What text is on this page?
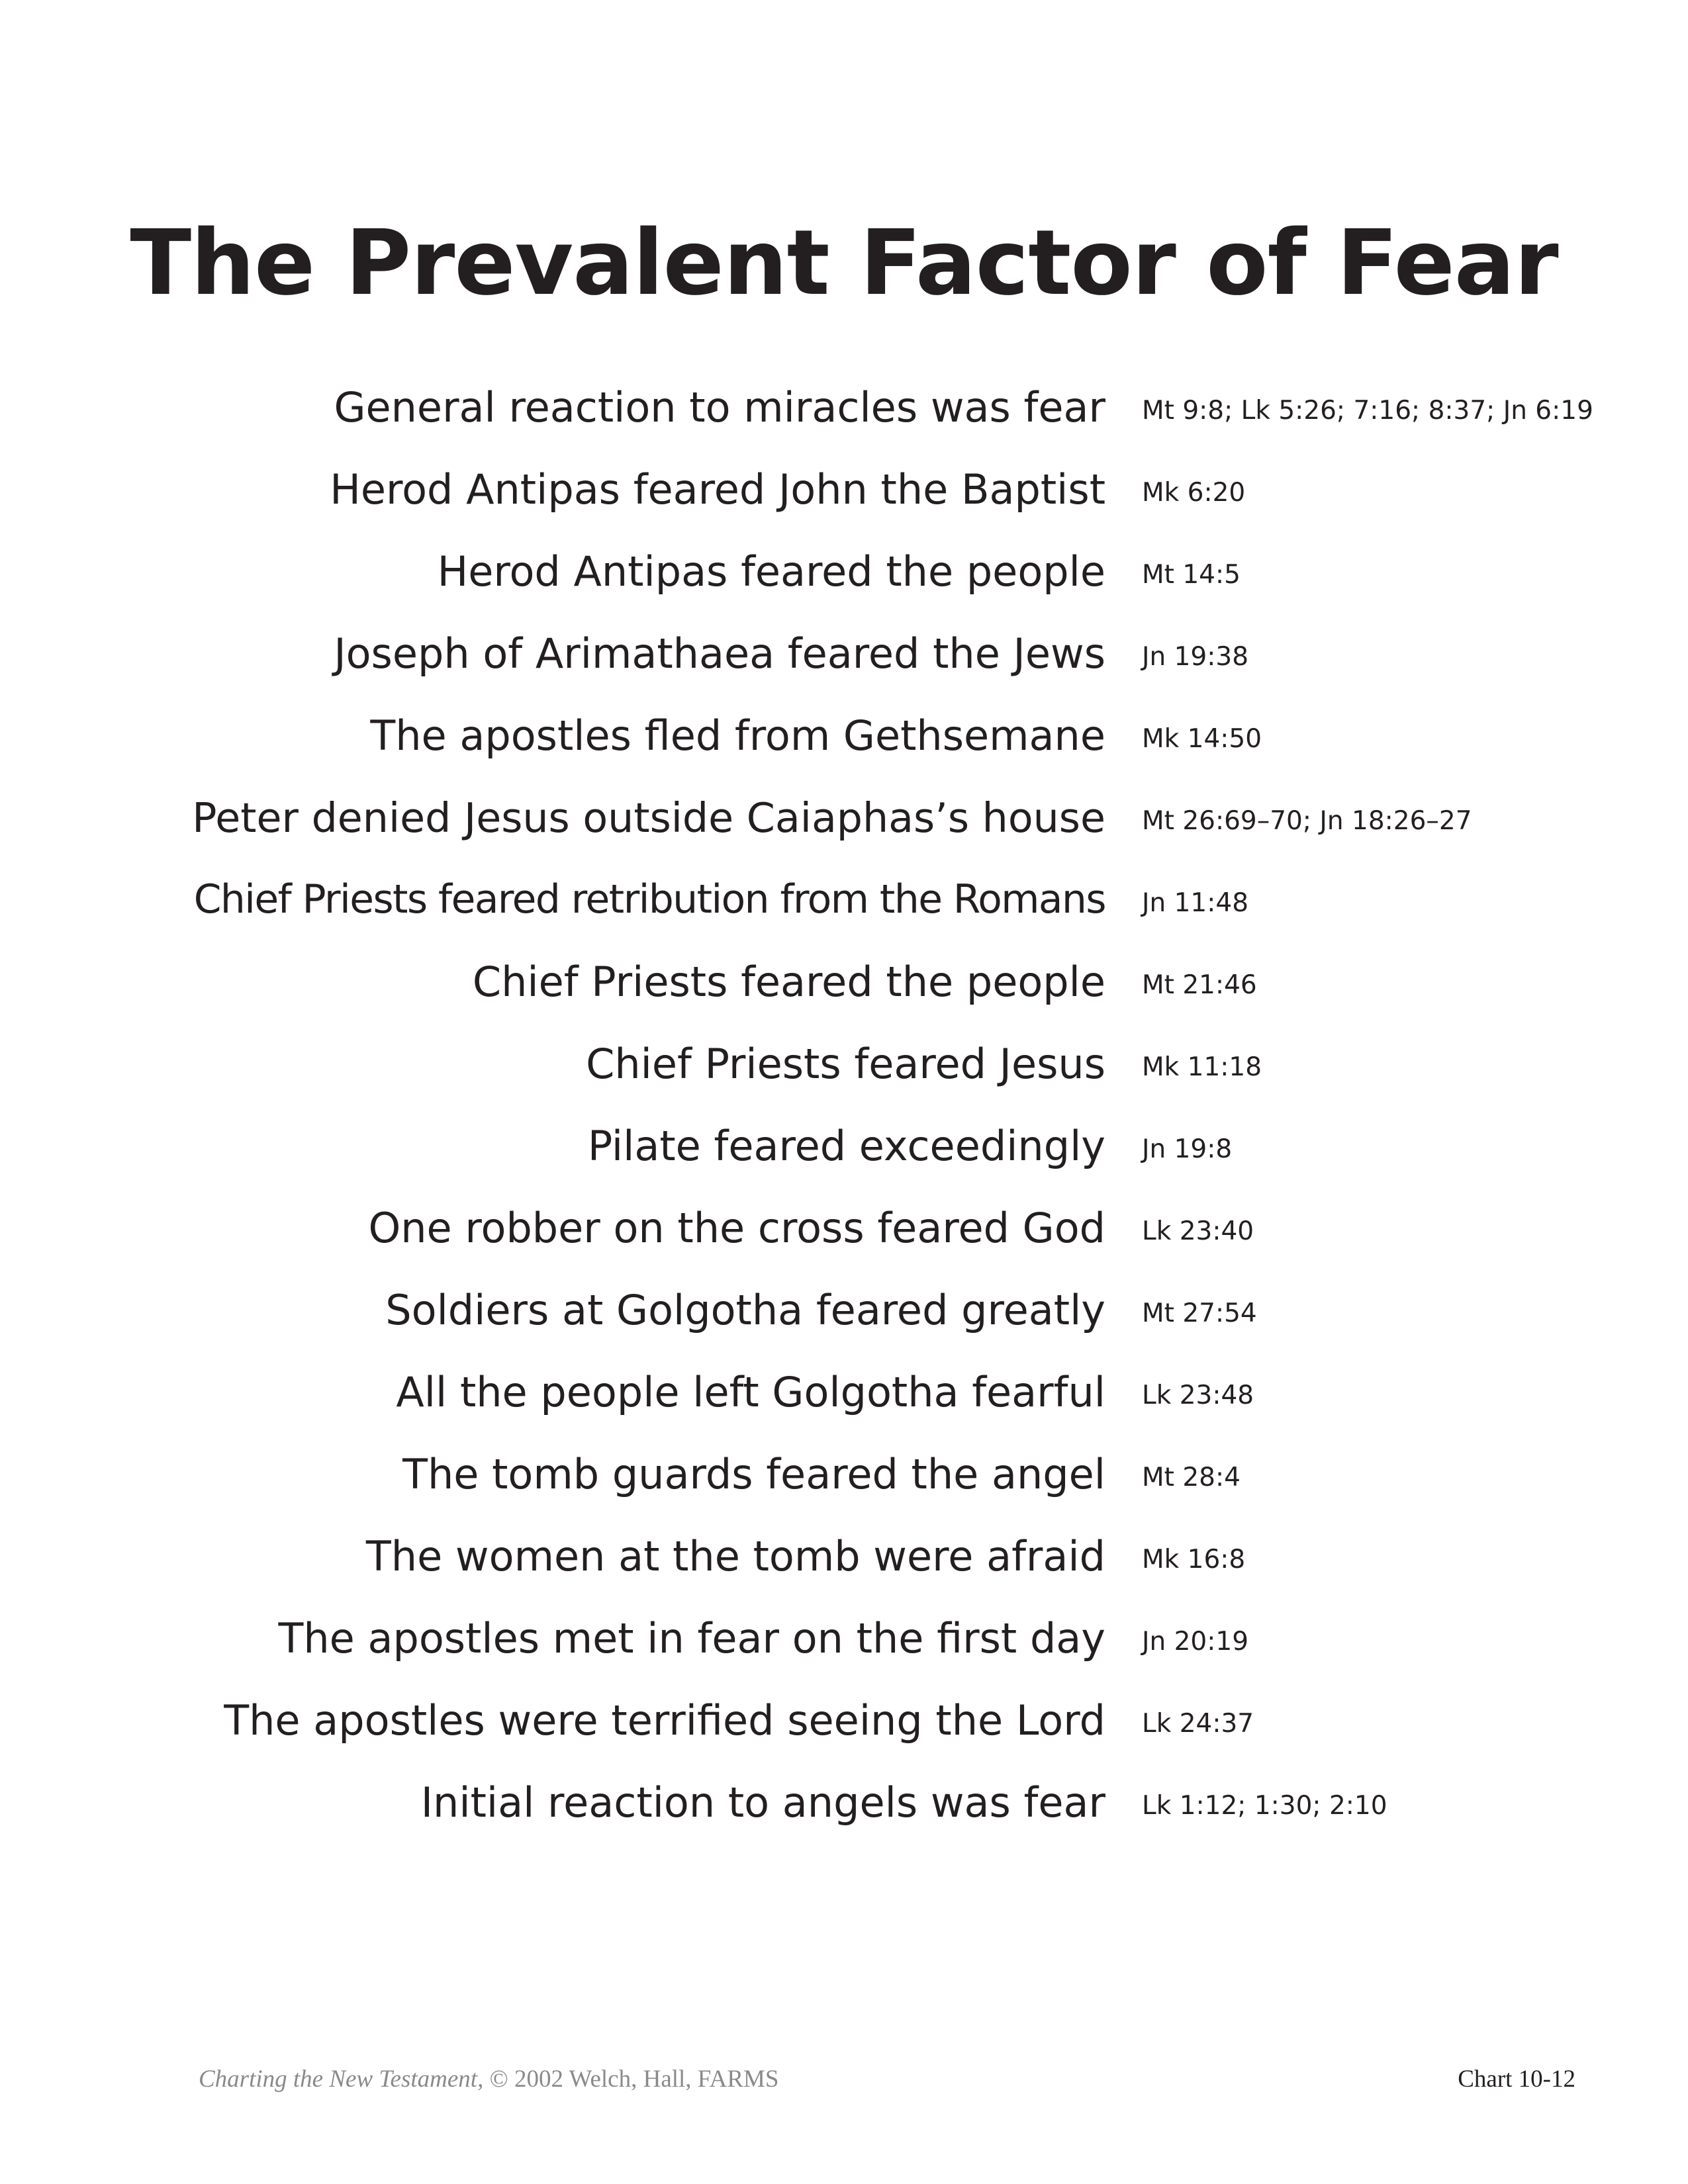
The Prevalent Factor of Fear
General reaction to miracles was fear Mt 9:8; Lk 5:26; 7:16; 8:37; Jn 6:19
Herod Antipas feared John the Baptist Mk 6:20
Herod Antipas feared the people Mt 14:5
Joseph of Arimathaea feared the Jews Jn 19:38
The apostles fled from Gethsemane Mk 14:50
Peter denied Jesus outside Caiaphas’s house Mt 26:69–70; Jn 18:26–27
Chief Priests feared retribution from the Romans Jn 11:48
Chief Priests feared the people Mt 21:46
Chief Priests feared Jesus Mk 11:18
Pilate feared exceedingly Jn 19:8
One robber on the cross feared God Lk 23:40
Soldiers at Golgotha feared greatly Mt 27:54
All the people left Golgotha fearful Lk 23:48
The tomb guards feared the angel Mt 28:4
The women at the tomb were afraid Mk 16:8
The apostles met in fear on the first day Jn 20:19
The apostles were terrified seeing the Lord Lk 24:37
Initial reaction to angels was fear Lk 1:12; 1:30; 2:10
Charting the New Testament, © 2002 Welch, Hall, FARMS	Chart 10-12
